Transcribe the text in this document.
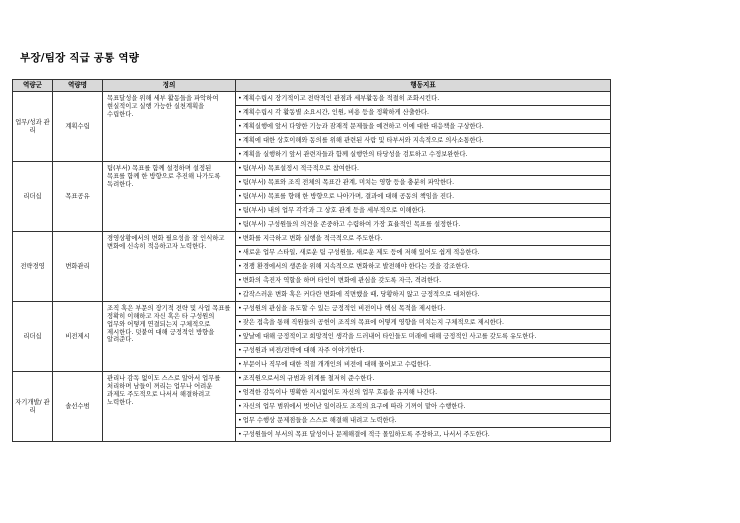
부장/팀장 직급 공통 역량
역량군	역량명	정의	행동지표
업무/성과 관리	계획수립	목표달성을 위해 세부 활동들을 파악하여 현실적이고 실행 가능한 실천계획을 수립한다.	• 계획수립시 장기적이고 전략적인 관점과 세부활동을 적절히 조화시킨다.
			• 계획수립시 각 활동별 소요시간, 인원, 비용 등을 정확하게 산출한다.
			• 계획실행에 앞서 다양한 기능과 잠재적 문제들을 예견하고 이에 대한 대응책을 구상한다.
			• 계획에 대한 상호이해와 동의를 위해 관련된 사람 및 타부서와 지속적으로 의사소통한다.
			• 계획을 실행하기 앞서 관련자들과 함께 실행안의 타당성을 검토하고 수정보완한다.
리더십	목표공유	팀(부서) 목표를 함께 설정하며 설정된 목표를 함께 한 방향으로 추진해 나가도록 독려한다.	• 팀(부서) 목표설정시 적극적으로 참여한다.
			• 팀(부서) 목표와 조직 전체의 목표간 관계, 미치는 영향 등을 충분히 파악한다.
			• 팀(부서) 목표를 향해 한 방향으로 나아가며, 결과에 대해 공동의 책임을 진다.
			• 팀(부서) 내의 업무 각각과 그 상호 관계 등을 세부적으로 이해한다.
			• 팀(부서) 구성원들의 의견을 존중하고 수렴하여 가장 효율적인 목표를 설정한다.
전략경영	변화관리	경영상황에서의 변화 필요성을 잘 인식하고 변화에 신속히 적응하고자 노력한다.	• 변화를 지극하고 변화 실행을 적극적으로 주도한다.
			• 새로운 업무 스타일, 새로운 팀 구성원들, 새로운 제도 등에 저해 있어도 쉽게 적응한다.
			• 경쟁 환경에서의 생존을 위해 지속적으로 변화하고 발전해야 한다는 것을 강조한다.
			• 변화의 촉진자 역할을 하며 타인이 변화에 관심을 갖도록 자극, 격려한다.
			• 갑작스러운 변화 혹은 커다란 변화에 직면했을 때, 당황하지 않고 긍정적으로 대처한다.
리더십	비전제시	조직 혹은 부문의 장기적 전략 및 사업 목표를 정확히 이해하고 자신 혹은 타 구성원의 업무와 어떻게 연결되는지 구체적으로 제시한다. 덧붙여 대해 긍정적인 방향을 알려준다.	• 구성원의 관심을 유도할 수 있는 긍정적인 비전이나 핵심 목적을 제시한다.
			• 잦은 접촉을 통해 직원들의 공헌이 조직의 목표에 어떻게 영향을 미치는지 구체적으로 제시한다.
			• 앞날에 대해 긍정적이고 희망적인 생각을 드러내어 타인들도 미래에 대해 긍정적인 사고를 갖도록 유도한다.
			• 구성원과 비전/전략에 대해 자주 이야기한다.
			• 부문이나 직무에 대한 적절 개개인의 비전에 대해 물어보고 수렴한다.
자기개발/ 관리	솔선수범	관리나 감독 없이도 스스로 알아서 업무를 처리하며 남들이 꺼리는 업무나 어려운 과제도 주도적으로 나서서 해결하려고 노력한다.	• 조직원으로서의 규범과 위계를 철저히 준수한다.
			• 엄격한 감독이나 명확한 지시없이도 자신의 업무 흐름을 유지해 나간다.
			• 자신의 업무 범위에서 벗어난 일이라도 조직의 요구에 따라 기꺼이 맡아 수행한다.
			• 업무 수행상 문제점들을 스스로 해결해 내려고 노력한다.
			• 구성원들이 부서의 목표 달성이나 문제해결에 적극 몰입하도록 주장하고, 나서서 주도한다.
